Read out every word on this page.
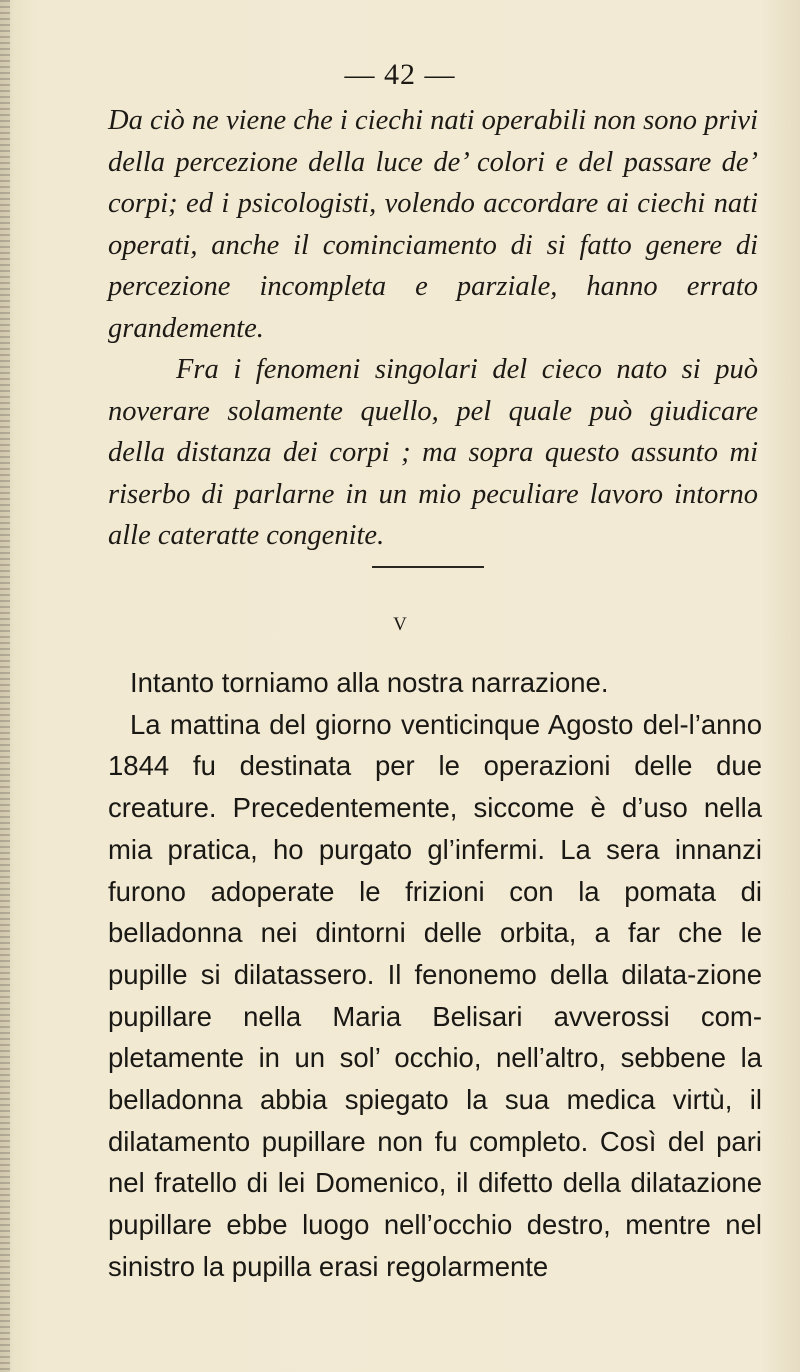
— 42 —

Da ciò ne viene che i ciechi nati operabili non sono privi della percezione della luce de’ colori e del passare de’ corpi; ed i psicologisti, volendo accordare ai ciechi nati operati, anche il cominciamento di si fatto genere di percezione incompleta e parziale, hanno errato grandemente.

Fra i fenomeni singolari del cieco nato si può noverare solamente quello, pel quale può giudicare della distanza dei corpi ; ma sopra questo assunto mi riserbo di parlarne in un mio peculiare lavoro intorno alle cateratte congenite.

V

Intanto torniamo alla nostra narrazione.

La mattina del giorno venticinque Agosto del-l’anno 1844 fu destinata per le operazioni delle due creature. Precedentemente, siccome è d’uso nella mia pratica, ho purgato gl’infermi. La sera innanzi furono adoperate le frizioni con la pomata di belladonna nei dintorni delle orbita, a far che le pupille si dilatassero. Il fenonemo della dilata-zione pupillare nella Maria Belisari avverossi com-pletamente in un sol’ occhio, nell’altro, sebbene la belladonna abbia spiegato la sua medica virtù, il dilatamento pupillare non fu completo. Così del pari nel fratello di lei Domenico, il difetto della dilatazione pupillare ebbe luogo nell’occhio destro, mentre nel sinistro la pupilla erasi regolarmente
